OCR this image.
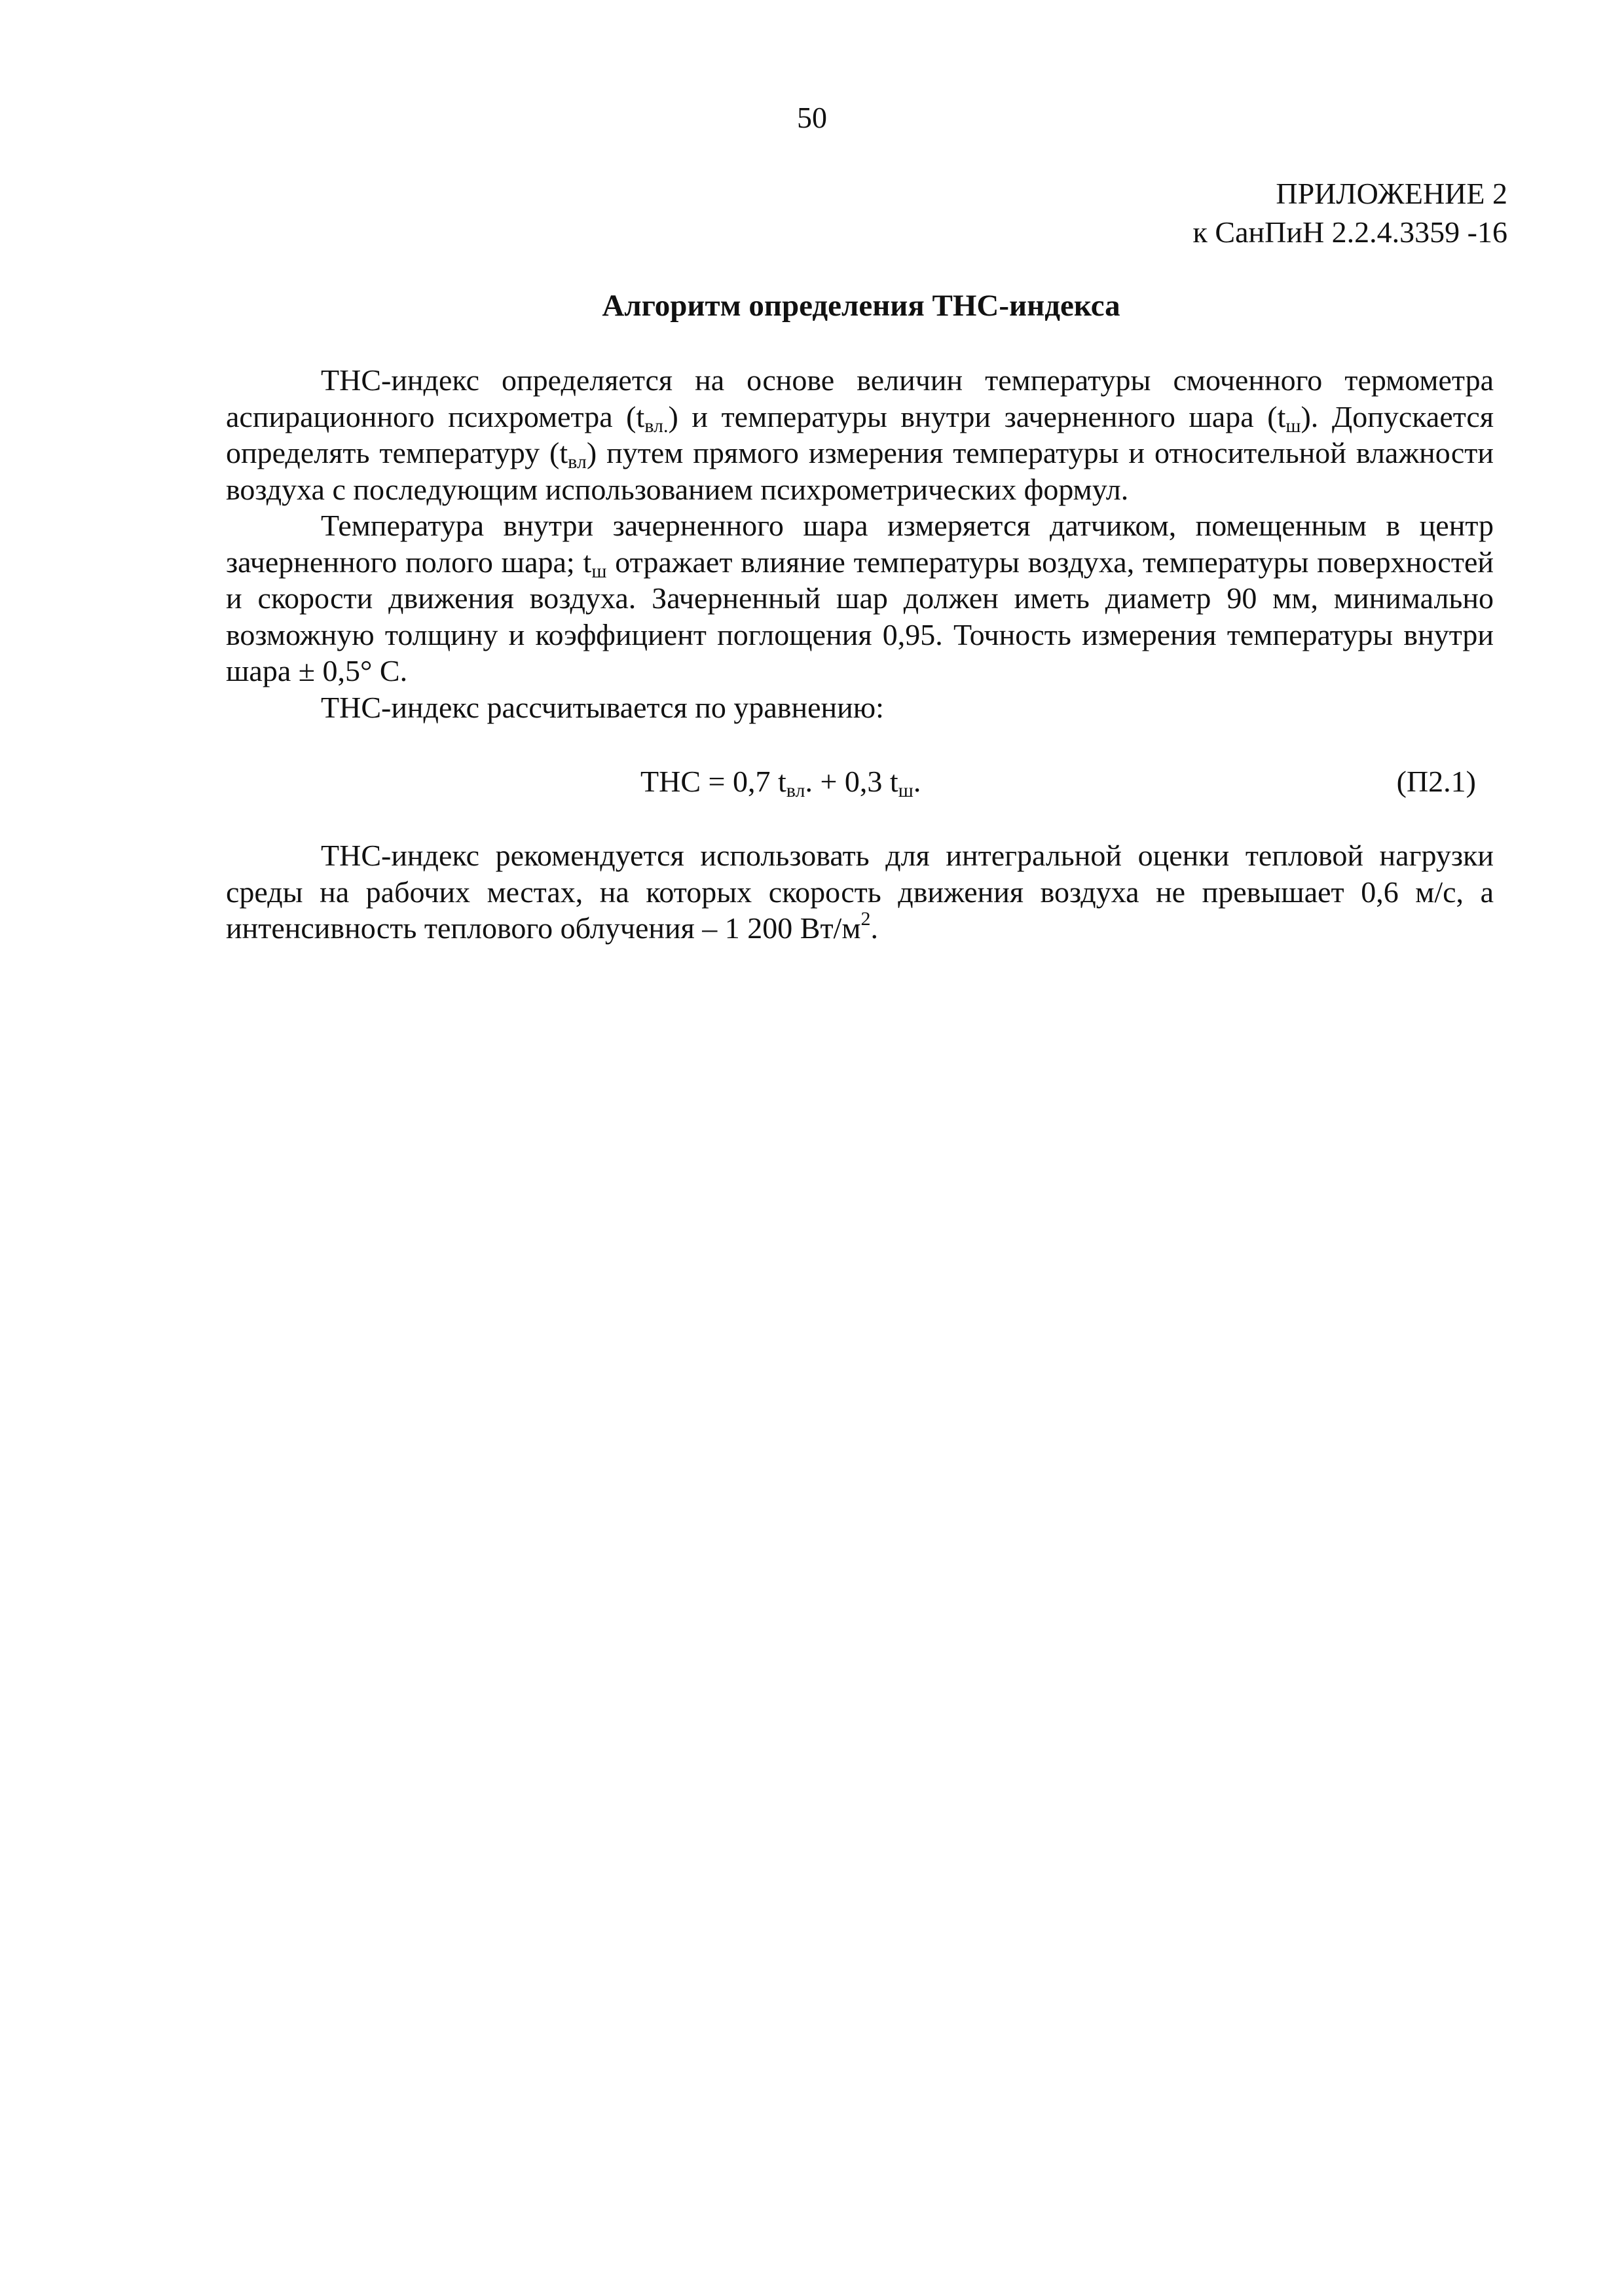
50
ПРИЛОЖЕНИЕ 2
к СанПиН 2.2.4.3359 -16
Алгоритм определения ТНС-индекса

ТНС-индекс определяется на основе величин температуры смоченного термометра аспирационного психрометра $(t_{вл.})$ и температуры внутри зачерненного шара $(t_ш)$. Допускается определять температуру $(t_{вл})$ путем прямого измерения температуры и относительной влажности воздуха с последующим использованием психрометрических формул.

Температура внутри зачерненного шара измеряется датчиком, помещенным в центр зачерненного полого шара; $t_ш$ отражает влияние температуры воздуха, температуры поверхностей и скорости движения воздуха. Зачерненный шар должен иметь диаметр 90 мм, минимально возможную толщину и коэффициент поглощения 0,95. Точность измерения температуры внутри шара ± 0,5° С.

ТНС-индекс рассчитывается по уравнению:

ТНС = 0,7 $t_{вл}$. + 0,3 $t_ш$.	(П2.1)

ТНС-индекс рекомендуется использовать для интегральной оценки тепловой нагрузки среды на рабочих местах, на которых скорость движения воздуха не превышает 0,6 м/с, а интенсивность теплового облучения – 1 200 $Вт/м^2$.
